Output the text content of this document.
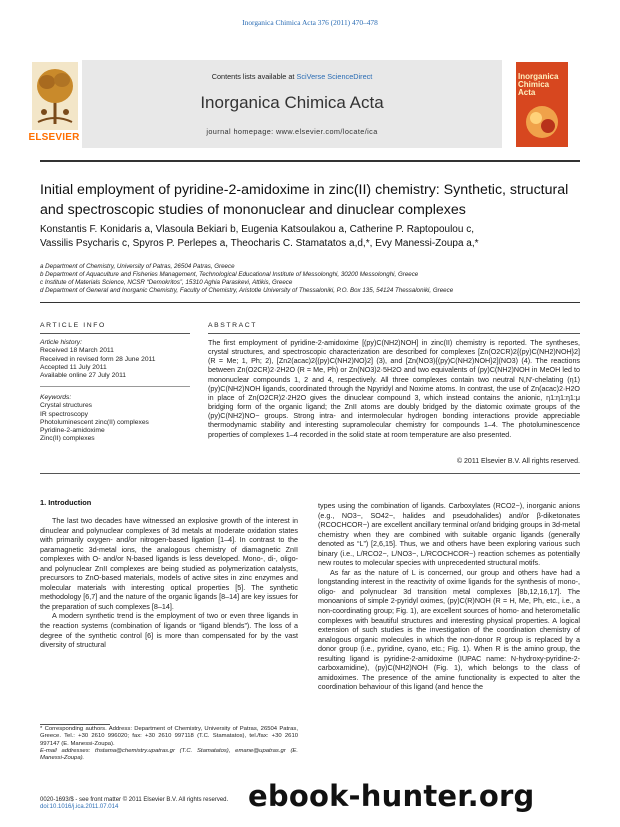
Inorganica Chimica Acta 376 (2011) 470–478
ELSEVIER
Contents lists available at SciVerse ScienceDirect
Inorganica Chimica Acta
journal homepage: www.elsevier.com/locate/ica
Inorganica Chimica Acta
Initial employment of pyridine-2-amidoxime in zinc(II) chemistry: Synthetic, structural and spectroscopic studies of mononuclear and dinuclear complexes
Konstantis F. Konidaris a, Vlasoula Bekiari b, Eugenia Katsoulakou a, Catherine P. Raptopoulou c,
Vassilis Psycharis c, Spyros P. Perlepes a, Theocharis C. Stamatatos a,d,*, Evy Manessi-Zoupa a,*
a Department of Chemistry, University of Patras, 26504 Patras, Greece
b Department of Aquaculture and Fisheries Management, Technological Educational Institute of Messolonghi, 30200 Messolonghi, Greece
c Institute of Materials Science, NCSR “Demokritos”, 15310 Aghia Paraskevi, Attikis, Greece
d Department of General and Inorganic Chemistry, Faculty of Chemistry, Aristotle University of Thessaloniki, P.O. Box 135, 54124 Thessaloniki, Greece
ARTICLE INFO
Article history:
Received 18 March 2011
Received in revised form 28 June 2011
Accepted 11 July 2011
Available online 27 July 2011
Keywords:
Crystal structures
IR spectroscopy
Photoluminescent zinc(II) complexes
Pyridine-2-amidoxime
Zinc(II) complexes
ABSTRACT
The first employment of pyridine-2-amidoxime [(py)C(NH2)NOH] in zinc(II) chemistry is reported. The syntheses, crystal structures, and spectroscopic characterization are described for complexes [Zn(O2CR)2{(py)C(NH2)NOH}2] (R = Me; 1, Ph; 2), [Zn2(acac)2{(py)C(NH2)NO}2] (3), and [Zn(NO3){(py)C(NH2)NOH}2](NO3) (4). The reactions between Zn(O2CR)2·2H2O (R = Me, Ph) or Zn(NO3)2·5H2O and two equivalents of (py)C(NH2)NOH in MeOH led to mononuclear compounds 1, 2 and 4, respectively. All three complexes contain two neutral N,N′-chelating (η1) (py)C(NH2)NOH ligands, coordinated through the Npyridyl and Noxime atoms. In contrast, the use of Zn(acac)2·H2O in place of Zn(O2CR)2·2H2O gives the dinuclear compound 3, which instead contains the anionic, η1:η1:η1:μ bridging form of the organic ligand; the ZnII atoms are doubly bridged by the diatomic oximate groups of the (py)C(NH2)NO− groups. Strong intra- and intermolecular hydrogen bonding interactions provide appreciable thermodynamic stability and interesting supramolecular chemistry for compounds 1–4. The photoluminescence properties of complexes 1–4 recorded in the solid state at room temperature are also presented.
© 2011 Elsevier B.V. All rights reserved.
1. Introduction

The last two decades have witnessed an explosive growth of the interest in dinuclear and polynuclear complexes of 3d metals at moderate oxidation states with primarily oxygen- and/or nitrogen-based ligation [1–4]. In contrast to the paramagnetic 3d-metal ions, the analogous chemistry of diamagnetic ZnII complexes with O- and/or N-based ligands is less developed. Mono-, di-, oligo- and polynuclear ZnII complexes are being studied as polymerization catalysts, precursors to ZnO-based materials, models of active sites in zinc enzymes and molecular materials with interesting optical properties [5]. The synthetic methodology [6,7] and the nature of the organic ligands [8–14] are key issues for the preparation of such complexes [8–14].

A modern synthetic trend is the employment of two or even three ligands in the reaction systems (combination of ligands or “ligand blends”). The loss of a degree of the synthetic control [6] is more than compensated for by the vast diversity of structural

types using the combination of ligands. Carboxylates (RCO2−), inorganic anions (e.g., NO3−, SO42−, halides and pseudohalides) and/or β-diketonates (RCOCHCOR−) are excellent ancillary terminal or/and bridging groups in 3d-metal chemistry when they are combined with suitable organic ligands (generally denoted as “L”) [2,6,15]. Thus, we and others have been exploring various such binary (i.e., L/RCO2−, L/NO3−, L/RCOCHCOR−) reaction schemes as potentially new routes to molecular species with unprecedented structural motifs.

As far as the nature of L is concerned, our group and others have had a longstanding interest in the reactivity of oxime ligands for the synthesis of mono-, oligo- and polynuclear 3d transition metal complexes [8b,12,16,17]. The monoanions of simple 2-pyridyl oximes, (py)C(R)NOH (R = H, Me, Ph, etc., i.e., a non-coordinating group; Fig. 1), are excellent sources of homo- and heterometallic complexes with beautiful structures and interesting physical properties. A logical extension of such studies is the investigation of the coordination chemistry of analogous organic molecules in which the non-donor R group is replaced by a donor group (i.e., pyridine, cyano, etc.; Fig. 1). When R is the amino group, the resulting ligand is pyridine-2-amidoxime (IUPAC name: N-hydroxy-pyridine-2-carboxamidine), (py)C(NH2)NOH (Fig. 1), which belongs to the class of amidoximes. The presence of the amine functionality is expected to alter the coordination behaviour of this ligand (and hence the

* Corresponding authors. Address: Department of Chemistry, University of Patras, 26504 Patras, Greece. Tel.: +30 2610 996020; fax: +30 2610 997118 (T.C. Stamatatos), tel./fax: +30 2610 997147 (E. Manessi-Zoupa).
E-mail addresses: thstama@chemistry.upatras.gr (T.C. Stamatatos), emane@upatras.gr (E. Manessi-Zoupa).
0020-1693/$ - see front matter © 2011 Elsevier B.V. All rights reserved.
doi:10.1016/j.ica.2011.07.014	ebook-hunter.org
